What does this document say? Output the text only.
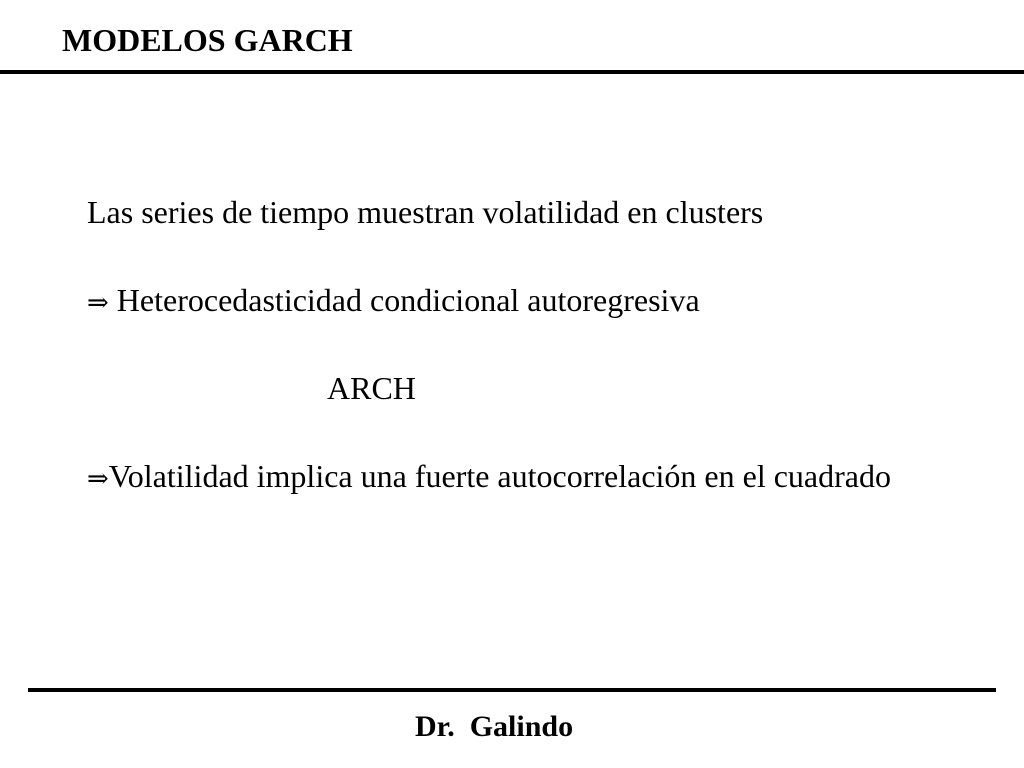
MODELOS GARCH
Las series de tiempo muestran volatilidad en clusters
⇒ Heterocedasticidad condicional autoregresiva
ARCH
⇒Volatilidad implica una fuerte autocorrelación en el cuadrado
Dr.  Galindo
